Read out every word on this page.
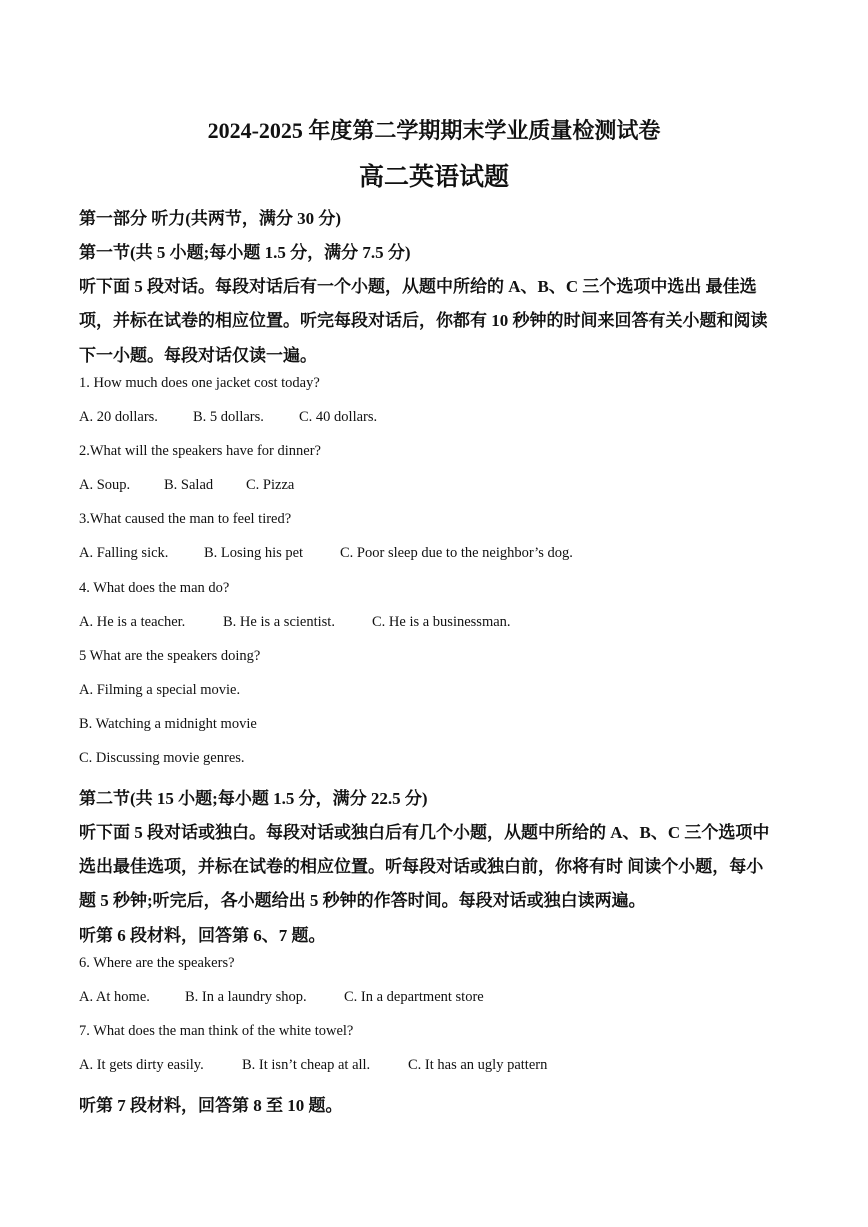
2024-2025 年度第二学期期末学业质量检测试卷
高二英语试题
第一部分 听力(共两节，满分 30 分)
第一节(共 5 小题;每小题 1.5 分，满分 7.5 分)
听下面 5 段对话。每段对话后有一个小题，从题中所给的 A、B、C 三个选项中选出 最佳选
项，并标在试卷的相应位置。听完每段对话后，你都有 10 秒钟的时间来回答有关小题和阅读
下一小题。每段对话仅读一遍。
1. How much does one jacket cost today?
A. 20 dollars. B. 5 dollars. C. 40 dollars.
2.What will the speakers have for dinner?
A. Soup. B. Salad C. Pizza
3.What caused the man to feel tired?
A. Falling sick. B. Losing his pet	C. Poor sleep due to the neighbor’s dog.
4. What does the man do?
A. He is a teacher.	B. He is a scientist.	C. He is a businessman.
5 What are the speakers doing?
A. Filming a special movie.
B. Watching a midnight movie
C. Discussing movie genres.
第二节(共 15 小题;每小题 1.5 分，满分 22.5 分)
听下面 5 段对话或独白。每段对话或独白后有几个小题，从题中所给的 A、B、C 三个选项中
选出最佳选项，并标在试卷的相应位置。听每段对话或独白前，你将有时 间读个小题，每小
题 5 秒钟;听完后，各小题给出 5 秒钟的作答时间。每段对话或独白读两遍。
听第 6 段材料，回答第 6、7 题。
6. Where are the speakers?
A. At home. B. In a laundry shop.	C. In a department store
7. What does the man think of the white towel?
A. It gets dirty easily.	B. It isn’t cheap at all.	C. It has an ugly pattern
听第 7 段材料，回答第 8 至 10 题。
